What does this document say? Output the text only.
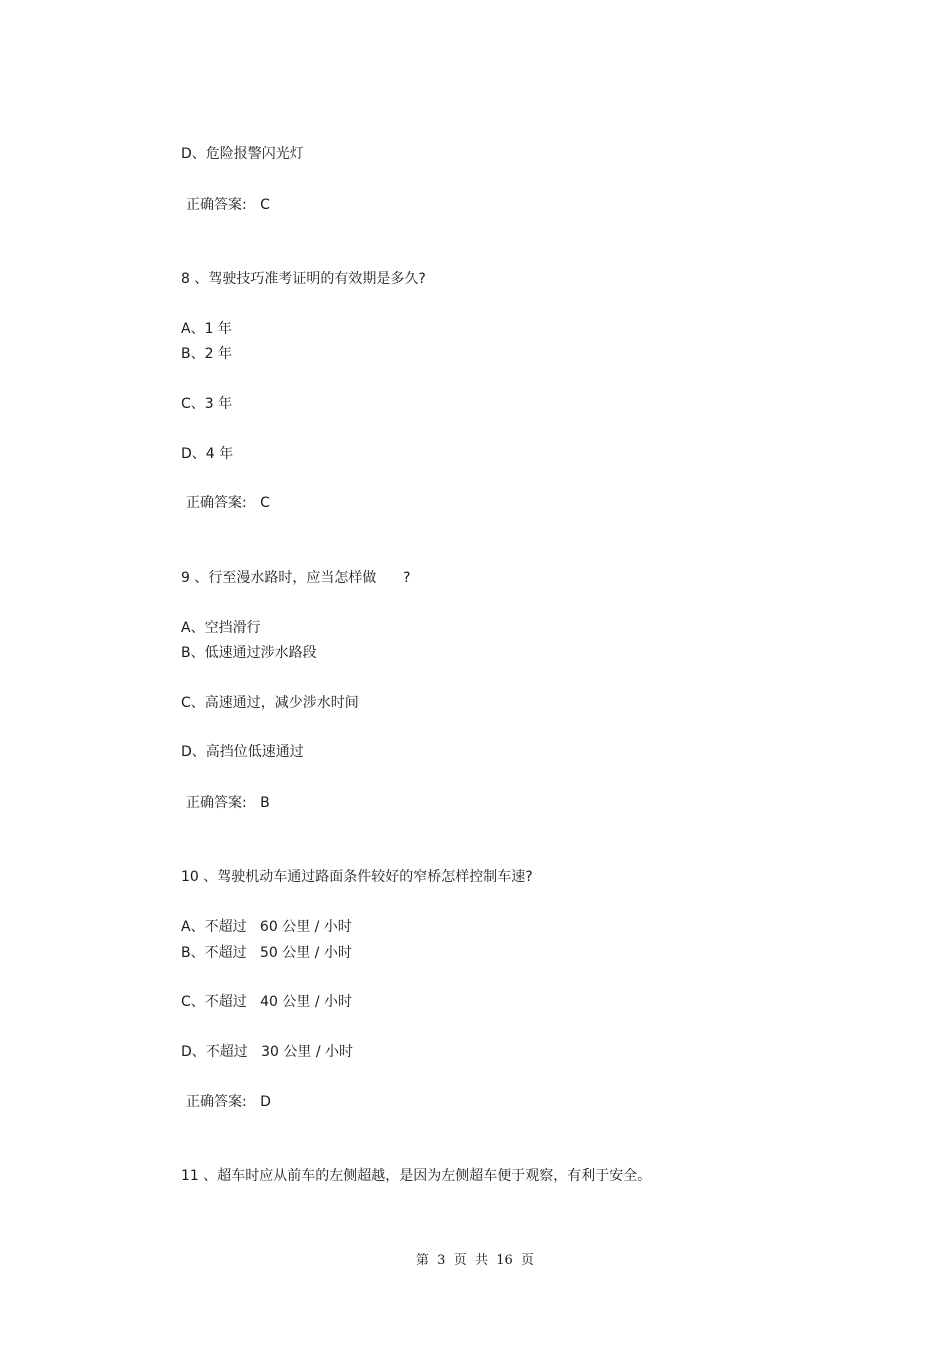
D、危险报警闪光灯

正确答案:   C

8 、驾驶技巧准考证明的有效期是多久?

A、1 年

B、2 年

C、3 年

D、4 年

正确答案:   C

9 、行至漫水路时，应当怎样做      ?

A、空挡滑行

B、低速通过涉水路段

C、高速通过，减少涉水时间

D、高挡位低速通过

正确答案:   B

10 、驾驶机动车通过路面条件较好的窄桥怎样控制车速?

A、不超过   60 公里 / 小时

B、不超过   50 公里 / 小时

C、不超过   40 公里 / 小时

D、不超过   30 公里 / 小时

正确答案:   D

11 、超车时应从前车的左侧超越，是因为左侧超车便于观察，有利于安全。

第  3  页  共  16  页
